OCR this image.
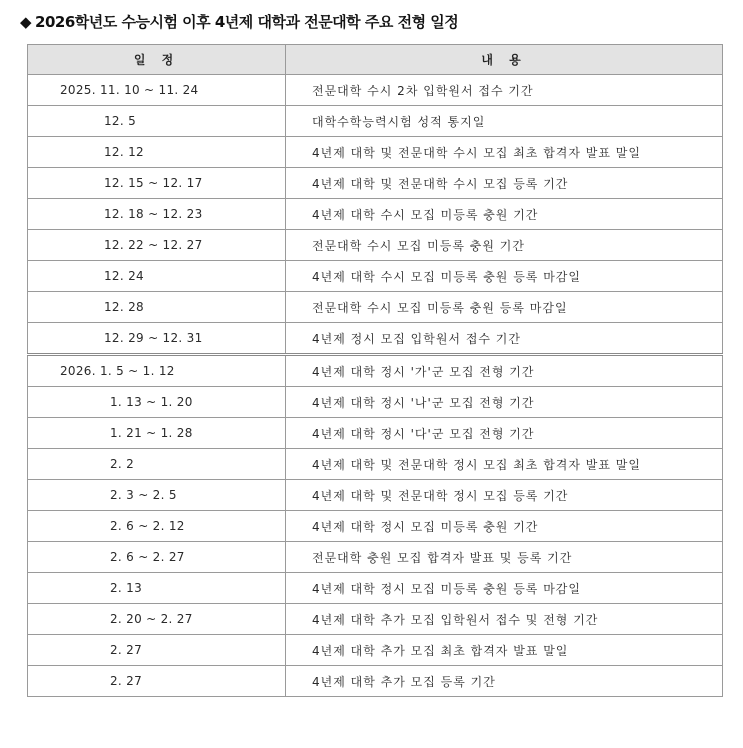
◆ 2026학년도 수능시험 이후 4년제 대학과 전문대학 주요 전형 일정
일 정	내 용
2025. 11. 10 ~ 11. 24	전문대학 수시 2차 입학원서 접수 기간
12. 5	대학수학능력시험 성적 통지일
12. 12	4년제 대학 및 전문대학 수시 모집 최초 합격자 발표 말일
12. 15 ~ 12. 17	4년제 대학 및 전문대학 수시 모집 등록 기간
12. 18 ~ 12. 23	4년제 대학 수시 모집 미등록 충원 기간
12. 22 ~ 12. 27	전문대학 수시 모집 미등록 충원 기간
12. 24	4년제 대학 수시 모집 미등록 충원 등록 마감일
12. 28	전문대학 수시 모집 미등록 충원 등록 마감일
12. 29 ~ 12. 31	4년제 정시 모집 입학원서 접수 기간
2026. 1. 5 ~ 1. 12	4년제 대학 정시 '가'군 모집 전형 기간
1. 13 ~ 1. 20	4년제 대학 정시 '나'군 모집 전형 기간
1. 21 ~ 1. 28	4년제 대학 정시 '다'군 모집 전형 기간
2. 2	4년제 대학 및 전문대학 정시 모집 최초 합격자 발표 말일
2. 3 ~ 2. 5	4년제 대학 및 전문대학 정시 모집 등록 기간
2. 6 ~ 2. 12	4년제 대학 정시 모집 미등록 충원 기간
2. 6 ~ 2. 27	전문대학 충원 모집 합격자 발표 및 등록 기간
2. 13	4년제 대학 정시 모집 미등록 충원 등록 마감일
2. 20 ~ 2. 27	4년제 대학 추가 모집 입학원서 접수 및 전형 기간
2. 27	4년제 대학 추가 모집 최초 합격자 발표 말일
2. 27	4년제 대학 추가 모집 등록 기간
